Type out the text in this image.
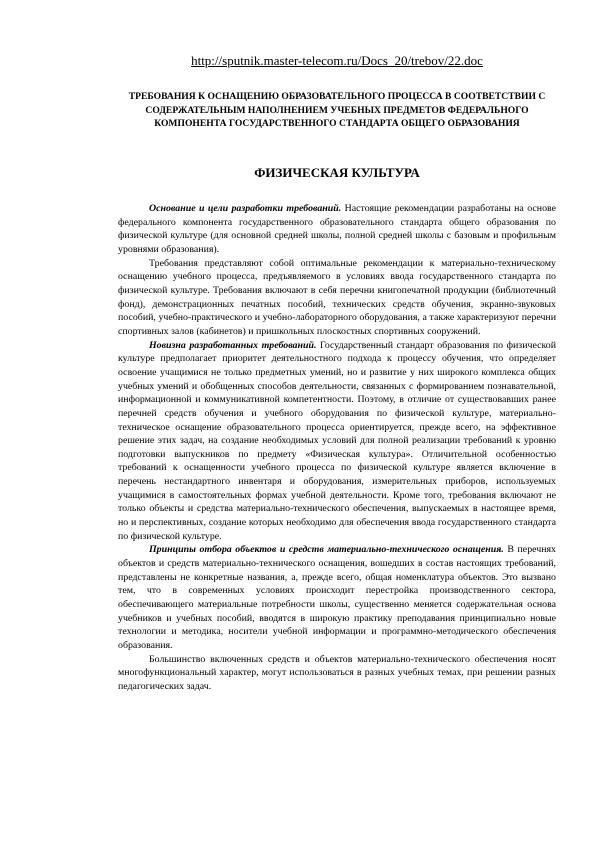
http://sputnik.master-telecom.ru/Docs_20/trebov/22.doc

ТРЕБОВАНИЯ К ОСНАЩЕНИЮ ОБРАЗОВАТЕЛЬНОГО ПРОЦЕССА В СООТВЕТСТВИИ С СОДЕРЖАТЕЛЬНЫМ НАПОЛНЕНИЕМ УЧЕБНЫХ ПРЕДМЕТОВ ФЕДЕРАЛЬНОГО КОМПОНЕНТА ГОСУДАРСТВЕННОГО СТАНДАРТА ОБЩЕГО ОБРАЗОВАНИЯ
ФИЗИЧЕСКАЯ КУЛЬТУРА

Основание и цели разработки требований. Настоящие рекомендации разработаны на основе федерального компонента государственного образовательного стандарта общего образования по физической культуре (для основной средней школы, полной средней школы с базовым и профильным уровнями образования).

Требования представляют собой оптимальные рекомендации к материально-техническому оснащению учебного процесса, предъявляемого в условиях ввода государственного стандарта по физической культуре. Требования включают в себя перечни книгопечатной продукции (библиотечный фонд), демонстрационных печатных пособий, технических средств обучения, экранно-звуковых пособий, учебно-практического и учебно-лабораторного оборудования, а также характеризуют перечни спортивных залов (кабинетов) и пришкольных плоскостных спортивных сооружений.

Новизна разработанных требований. Государственный стандарт образования по физической культуре предполагает приоритет деятельностного подхода к процессу обучения, что определяет освоение учащимися не только предметных умений, но и развитие у них широкого комплекса общих учебных умений и обобщенных способов деятельности, связанных с формированием познавательной, информационной и коммуникативной компетентности. Поэтому, в отличие от существовавших ранее перечней средств обучения и учебного оборудования по физической культуре, материально-техническое оснащение образовательного процесса ориентируется, прежде всего, на эффективное решение этих задач, на создание необходимых условий для полной реализации требований к уровню подготовки выпускников по предмету «Физическая культура». Отличительной особенностью требований к оснащенности учебного процесса по физической культуре является включение в перечень нестандартного инвентаря и оборудования, измерительных приборов, используемых учащимися в самостоятельных формах учебной деятельности. Кроме того, требования включают не только объекты и средства материально-технического обеспечения, выпускаемых в настоящее время, но и перспективных, создание которых необходимо для обеспечения ввода государственного стандарта по физической культуре.

Принципы отбора объектов и средств материально-технического оснащения. В перечнях объектов и средств материально-технического оснащения, вошедших в состав настоящих требований, представлены не конкретные названия, а, прежде всего, общая номенклатура объектов. Это вызвано тем, что в современных условиях происходит перестройка производственного сектора, обеспечивающего материальные потребности школы, существенно меняется содержательная основа учебников и учебных пособий, вводятся в широкую практику преподавания принципиально новые технологии и методика, носители учебной информации и программно-методического обеспечения образования.

Большинство включенных средств и объектов материально-технического обеспечения носят многофункциональный характер, могут использоваться в разных учебных темах, при решении разных педагогических задач.
